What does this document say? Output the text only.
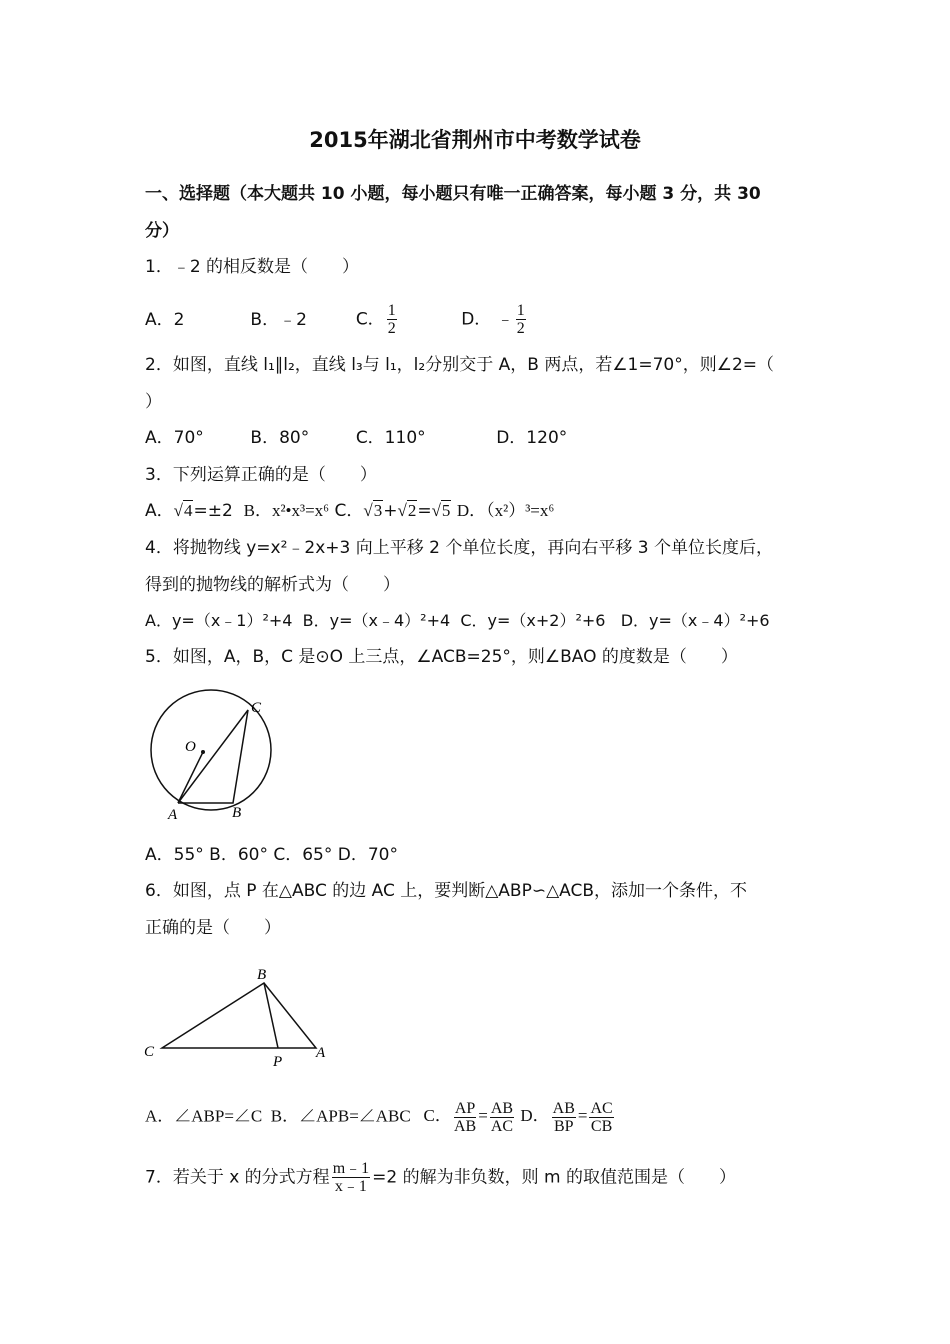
2015年湖北省荆州市中考数学试卷
一、选择题（本大题共 10 小题，每小题只有唯一正确答案，每小题 3 分，共 30
分）
1．﹣2 的相反数是（　　）
A．2	B．﹣2	C． $\frac{1}{2}$	D． ﹣ $\frac{1}{2}$
2．如图，直线 l₁∥l₂，直线 l₃与 l₁，l₂分别交于 A，B 两点，若∠1=70°，则∠2=（
）
A．70°	B．80°	C．110°	D．120°
3．下列运算正确的是（　　）
A．√4=±2 B．x²•x³=x⁶ C．√3+√2=√5 D．（x²）³=x⁶
4．将抛物线 y=x²﹣2x+3 向上平移 2 个单位长度，再向右平移 3 个单位长度后，
得到的抛物线的解析式为（　　）
A．y=（x﹣1）²+4 B．y=（x﹣4）²+4 C．y=（x+2）²+6 D．y=（x﹣4）²+6
5．如图，A，B，C 是⊙O 上三点，∠ACB=25°，则∠BAO 的度数是（　　）
O
C
A	B
A．55° B．60° C．65° D．70°
6．如图，点 P 在△ABC 的边 AC 上，要判断△ABP∽△ACB，添加一个条件，不
正确的是（　　）
B
C
P
A
A．∠ABP=∠C B．∠APB=∠ABC C． $\frac{AP}{AB} = \frac{AB}{AC}$ D． $\frac{AB}{BP} = \frac{AC}{CB}$
7．若关于 x 的分式方程 $\frac{m﹣1}{x﹣1} =2$ 的解为非负数，则 m 的取值范围是（　　）
